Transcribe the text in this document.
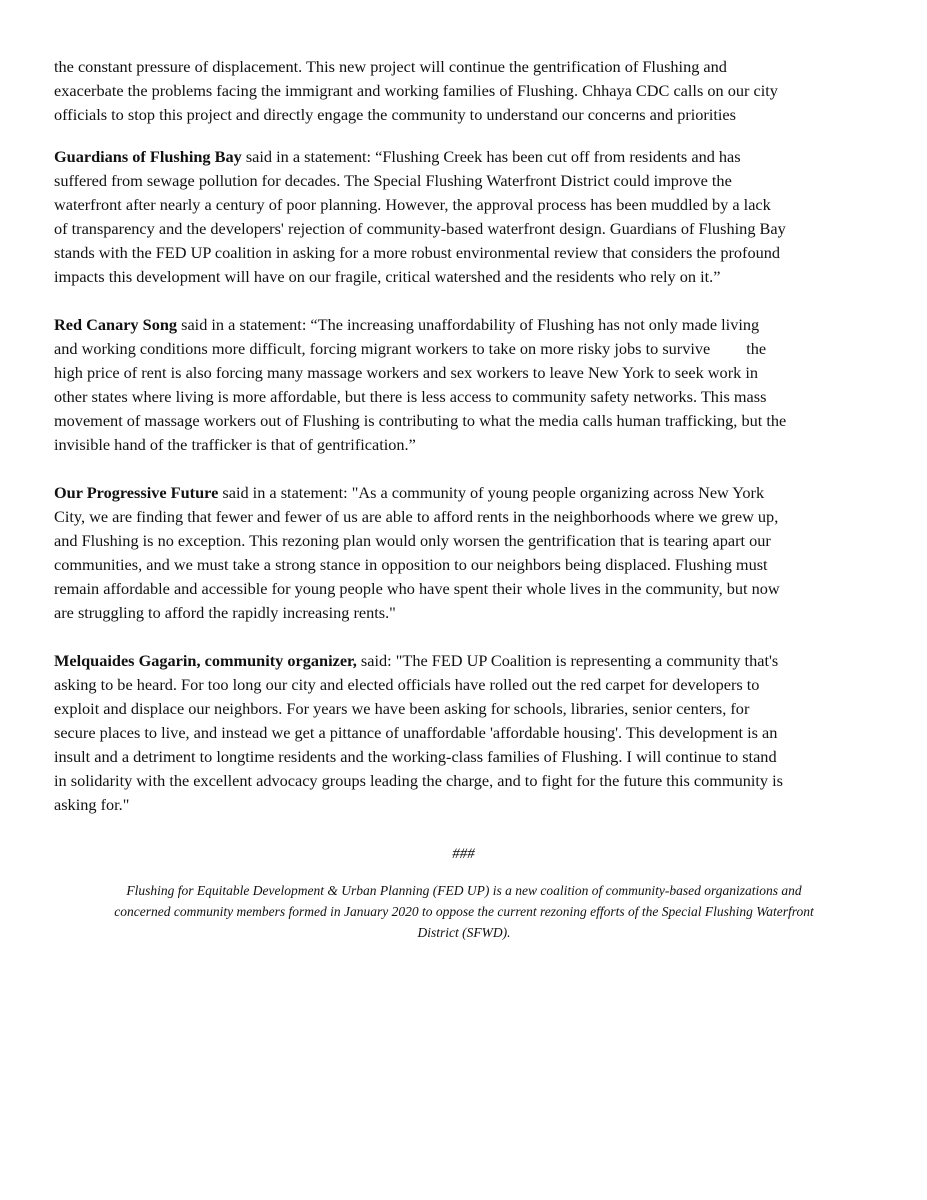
the constant pressure of displacement. This new project will continue the gentrification of Flushing and
exacerbate the problems facing the immigrant and working families of Flushing. Chhaya CDC calls on our city
officials to stop this project and directly engage the community to understand our concerns and priorities

Guardians of Flushing Bay said in a statement: “Flushing Creek has been cut off from residents and has
suffered from sewage pollution for decades. The Special Flushing Waterfront District could improve the
waterfront after nearly a century of poor planning. However, the approval process has been muddled by a lack
of transparency and the developers' rejection of community-based waterfront design. Guardians of Flushing Bay
stands with the FED UP coalition in asking for a more robust environmental review that considers the profound
impacts this development will have on our fragile, critical watershed and the residents who rely on it.”

Red Canary Song said in a statement: “The increasing unaffordability of Flushing has not only made living
and working conditions more difficult, forcing migrant workers to take on more risky jobs to survive the
high price of rent is also forcing many massage workers and sex workers to leave New York to seek work in
other states where living is more affordable, but there is less access to community safety networks. This mass
movement of massage workers out of Flushing is contributing to what the media calls human trafficking, but the
invisible hand of the trafficker is that of gentrification.”

Our Progressive Future said in a statement: "As a community of young people organizing across New York
City, we are finding that fewer and fewer of us are able to afford rents in the neighborhoods where we grew up,
and Flushing is no exception. This rezoning plan would only worsen the gentrification that is tearing apart our
communities, and we must take a strong stance in opposition to our neighbors being displaced. Flushing must
remain affordable and accessible for young people who have spent their whole lives in the community, but now
are struggling to afford the rapidly increasing rents."

Melquaides Gagarin, community organizer, said: "The FED UP Coalition is representing a community that's
asking to be heard. For too long our city and elected officials have rolled out the red carpet for developers to
exploit and displace our neighbors. For years we have been asking for schools, libraries, senior centers, for
secure places to live, and instead we get a pittance of unaffordable 'affordable housing'. This development is an
insult and a detriment to longtime residents and the working-class families of Flushing. I will continue to stand
in solidarity with the excellent advocacy groups leading the charge, and to fight for the future this community is
asking for."

###
Flushing for Equitable Development & Urban Planning (FED UP) is a new coalition of community-based organizations and
concerned community members formed in January 2020 to oppose the current rezoning efforts of the Special Flushing Waterfront
District (SFWD).
